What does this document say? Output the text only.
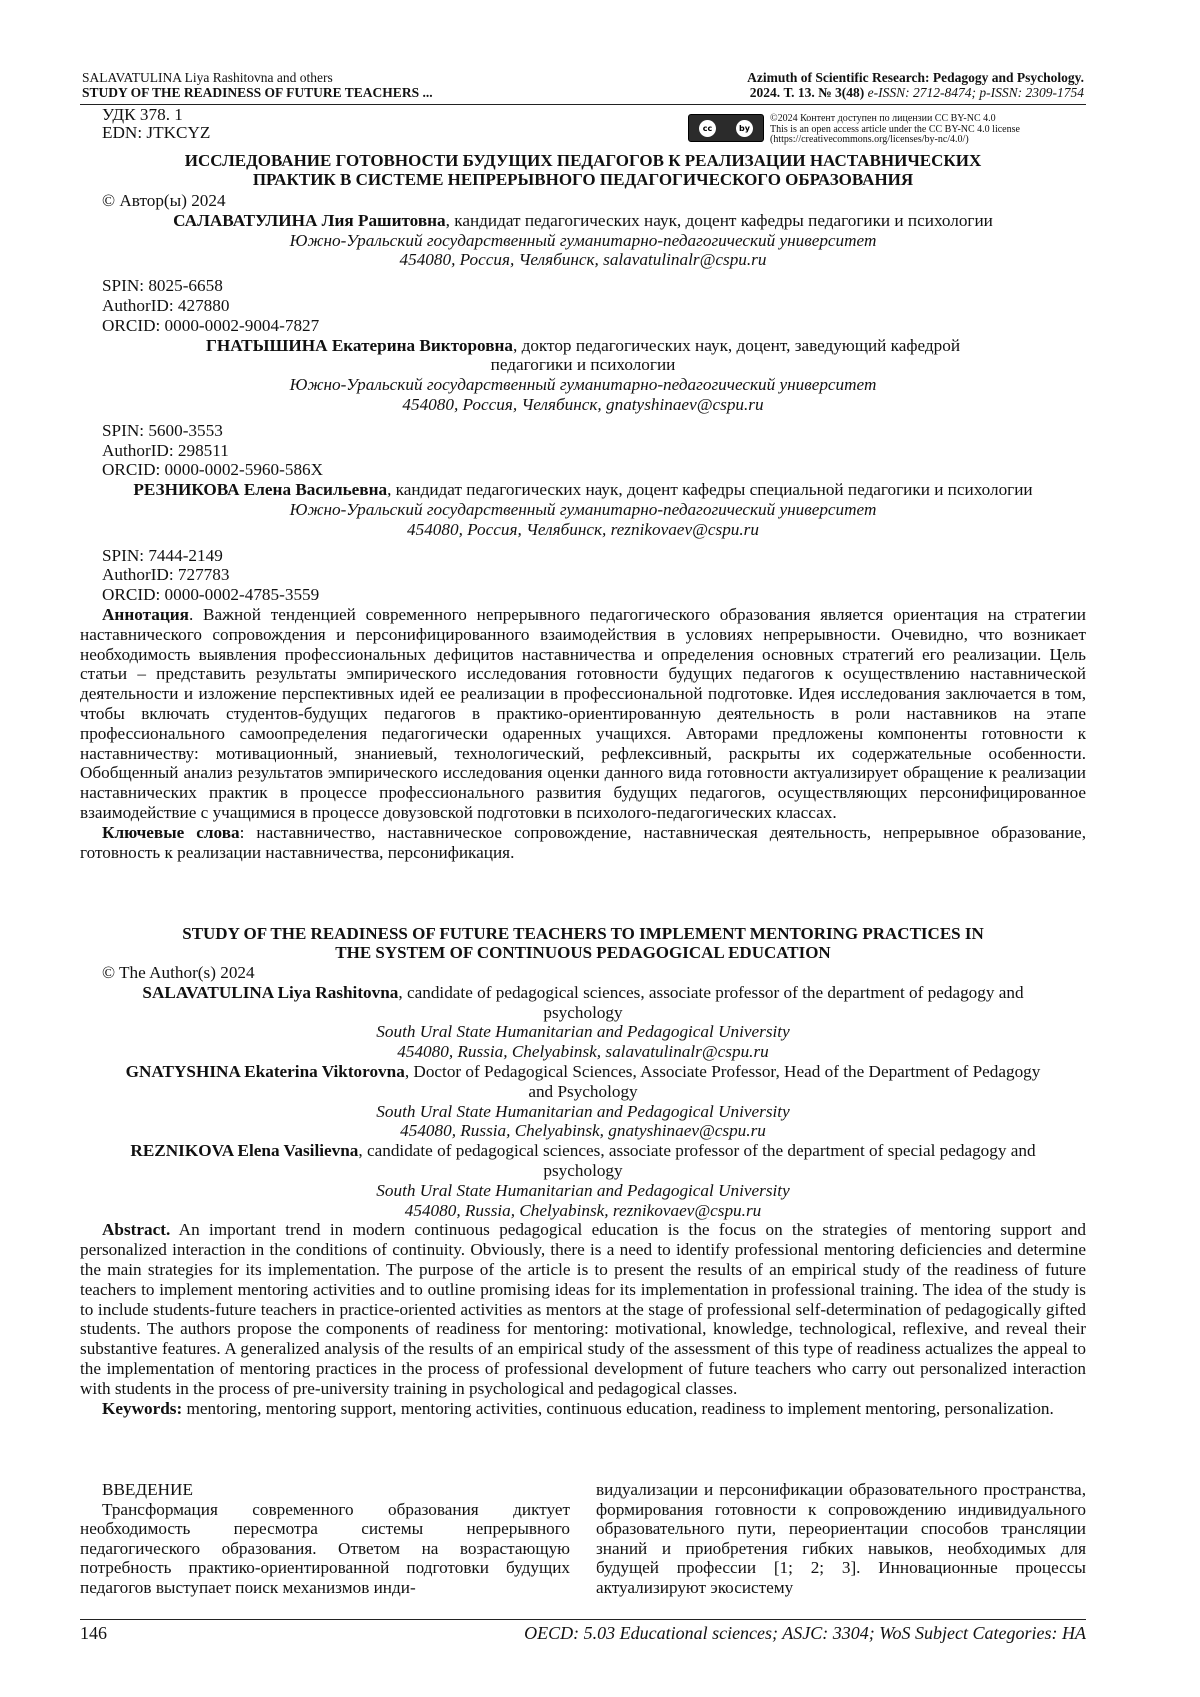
SALAVATULINA Liya Rashitovna and others
STUDY OF THE READINESS OF FUTURE TEACHERS ...
Azimuth of Scientific Research: Pedagogy and Psychology.
2024. Т. 13. № 3(48) e-ISSN: 2712-8474; p-ISSN: 2309-1754
УДК 378. 1
EDN: JTKCYZ	cc	by
©2024 Контент доступен по лицензии CC BY-NC 4.0
This is an open access article under the CC BY-NC 4.0 license
(https://creativecommons.org/licenses/by-nc/4.0/)
ИССЛЕДОВАНИЕ ГОТОВНОСТИ БУДУЩИХ ПЕДАГОГОВ К РЕАЛИЗАЦИИ НАСТАВНИЧЕСКИХ
ПРАКТИК В СИСТЕМЕ НЕПРЕРЫВНОГО ПЕДАГОГИЧЕСКОГО ОБРАЗОВАНИЯ

© Автор(ы) 2024

САЛАВАТУЛИНА Лия Рашитовна, кандидат педагогических наук, доцент кафедры педагогики и психологии

Южно-Уральский государственный гуманитарно-педагогический университет

454080, Россия, Челябинск, salavatulinalr@cspu.ru

SPIN: 8025-6658

AuthorID: 427880

ORCID: 0000-0002-9004-7827

ГНАТЫШИНА Екатерина Викторовна, доктор педагогических наук, доцент, заведующий кафедрой педагогики и психологии

Южно-Уральский государственный гуманитарно-педагогический университет

454080, Россия, Челябинск, gnatyshinaev@cspu.ru

SPIN: 5600-3553

AuthorID: 298511

ORCID: 0000-0002-5960-586X

РЕЗНИКОВА Елена Васильевна, кандидат педагогических наук, доцент кафедры специальной педагогики и психологии

Южно-Уральский государственный гуманитарно-педагогический университет

454080, Россия, Челябинск, reznikovaev@cspu.ru

SPIN: 7444-2149

AuthorID: 727783

ORCID: 0000-0002-4785-3559

Аннотация. Важной тенденцией современного непрерывного педагогического образования является ориентация на стратегии наставнического сопровождения и персонифицированного взаимодействия в условиях непрерывности. Очевидно, что возникает необходимость выявления профессиональных дефицитов наставничества и определения основных стратегий его реализации. Цель статьи – представить результаты эмпирического исследования готовности будущих педагогов к осуществлению наставнической деятельности и изложение перспективных идей ее реализации в профессиональной подготовке. Идея исследования заключается в том, чтобы включать студентов-будущих педагогов в практико-ориентированную деятельность в роли наставников на этапе профессионального самоопределения педагогически одаренных учащихся. Авторами предложены компоненты готовности к наставничеству: мотивационный, знаниевый, технологический, рефлексивный, раскрыты их содержательные особенности. Обобщенный анализ результатов эмпирического исследования оценки данного вида готовности актуализирует обращение к реализации наставнических практик в процессе профессионального развития будущих педагогов, осуществляющих персонифицированное взаимодействие с учащимися в процессе довузовской подготовки в психолого-педагогических классах.

Ключевые слова: наставничество, наставническое сопровождение, наставническая деятельность, непрерывное образование, готовность к реализации наставничества, персонификация.

STUDY OF THE READINESS OF FUTURE TEACHERS TO IMPLEMENT MENTORING PRACTICES IN
THE SYSTEM OF CONTINUOUS PEDAGOGICAL EDUCATION

© The Author(s) 2024

SALAVATULINA Liya Rashitovna, candidate of pedagogical sciences, associate professor of the department of pedagogy and psychology

South Ural State Humanitarian and Pedagogical University

454080, Russia, Chelyabinsk, salavatulinalr@cspu.ru

GNATYSHINA Ekaterina Viktorovna, Doctor of Pedagogical Sciences, Associate Professor, Head of the Department of Pedagogy and Psychology

South Ural State Humanitarian and Pedagogical University

454080, Russia, Chelyabinsk, gnatyshinaev@cspu.ru

REZNIKOVA Elena Vasilievna, candidate of pedagogical sciences, associate professor of the department of special pedagogy and psychology

South Ural State Humanitarian and Pedagogical University

454080, Russia, Chelyabinsk, reznikovaev@cspu.ru

Abstract. An important trend in modern continuous pedagogical education is the focus on the strategies of mentoring support and personalized interaction in the conditions of continuity. Obviously, there is a need to identify professional mentoring deficiencies and determine the main strategies for its implementation. The purpose of the article is to present the results of an empirical study of the readiness of future teachers to implement mentoring activities and to outline promising ideas for its implementation in professional training. The idea of the study is to include students-future teachers in practice-oriented activities as mentors at the stage of professional self-determination of pedagogically gifted students. The authors propose the components of readiness for mentoring: motivational, knowledge, technological, reflexive, and reveal their substantive features. A generalized analysis of the results of an empirical study of the assessment of this type of readiness actualizes the appeal to the implementation of mentoring practices in the process of professional development of future teachers who carry out personalized interaction with students in the process of pre-university training in psychological and pedagogical classes.

Keywords: mentoring, mentoring support, mentoring activities, continuous education, readiness to implement mentoring, personalization.

ВВЕДЕНИЕ

Трансформация современного образования диктует необходимость пересмотра системы непрерывного педагогического образования. Ответом на возрастающую потребность практико-ориентированной подготовки будущих педагогов выступает поиск механизмов инди-

видуализации и персонификации образовательного пространства, формирования готовности к сопровождению индивидуального образовательного пути, переориентации способов трансляции знаний и приобретения гибких навыков, необходимых для будущей профессии [1; 2; 3]. Инновационные процессы актуализируют экосистему

146	OECD: 5.03 Educational sciences; ASJC: 3304; WoS Subject Categories: HA
